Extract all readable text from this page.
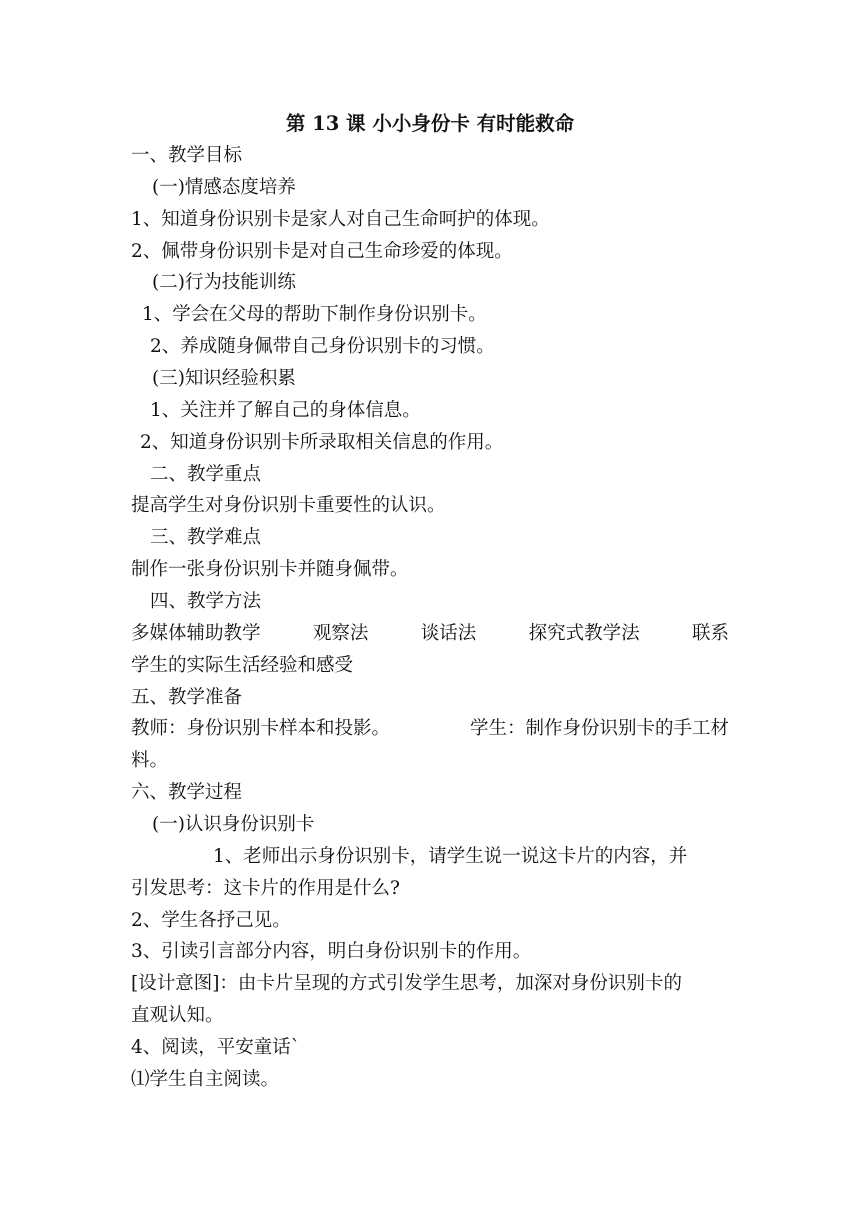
第 13 课 小小身份卡 有时能救命
一、教学目标
(一)情感态度培养
1、知道身份识别卡是家人对自己生命呵护的体现。
2、佩带身份识别卡是对自己生命珍爱的体现。
(二)行为技能训练
1、学会在父母的帮助下制作身份识别卡。
2、养成随身佩带自己身份识别卡的习惯。
(三)知识经验积累
1、关注并了解自己的身体信息。
2、知道身份识别卡所录取相关信息的作用。
二、教学重点
提高学生对身份识别卡重要性的认识。
三、教学难点
制作一张身份识别卡并随身佩带。
四、教学方法
多媒体辅助教学	观察法	谈话法	探究式教学法	联系
学生的实际生活经验和感受
五、教学准备
教师：身份识别卡样本和投影。	学生：制作身份识别卡的手工材
料。
六、教学过程
(一)认识身份识别卡
1、老师出示身份识别卡，请学生说一说这卡片的内容，并
引发思考：这卡片的作用是什么?
2、学生各抒己见。
3、引读引言部分内容，明白身份识别卡的作用。
[设计意图]：由卡片呈现的方式引发学生思考，加深对身份识别卡的
直观认知。
4、阅读，平安童话`
⑴学生自主阅读。
